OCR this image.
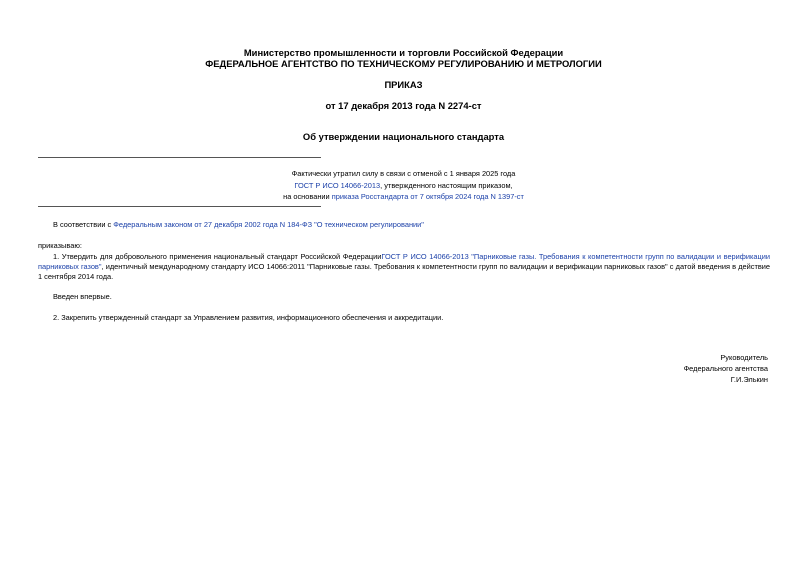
Министерство промышленности и торговли Российской Федерации
ФЕДЕРАЛЬНОЕ АГЕНТСТВО ПО ТЕХНИЧЕСКОМУ РЕГУЛИРОВАНИЮ И МЕТРОЛОГИИ
ПРИКАЗ
от 17 декабря 2013 года N 2274-ст
Об утверждении национального стандарта
Фактически утратил силу в связи с отменой с 1 января 2025 года
ГОСТ Р ИСО 14066-2013, утвержденного настоящим приказом,
на основании приказа Росстандарта от 7 октября 2024 года N 1397-ст
В соответствии с Федеральным законом от 27 декабря 2002 года N 184-ФЗ "О техническом регулировании"
приказываю:
1. Утвердить для добровольного применения национальный стандарт Российской ФедерацииГОСТ Р ИСО 14066-2013 "Парниковые газы. Требования к компетентности групп по валидации и верификации парниковых газов", идентичный международному стандарту ИСО 14066:2011 "Парниковые газы. Требования к компетентности групп по валидации и верификации парниковых газов" с датой введения в действие 1 сентября 2014 года.
Введен впервые.
2. Закрепить утвержденный стандарт за Управлением развития, информационного обеспечения и аккредитации.
Руководитель
Федерального агентства
Г.И.Элькин
